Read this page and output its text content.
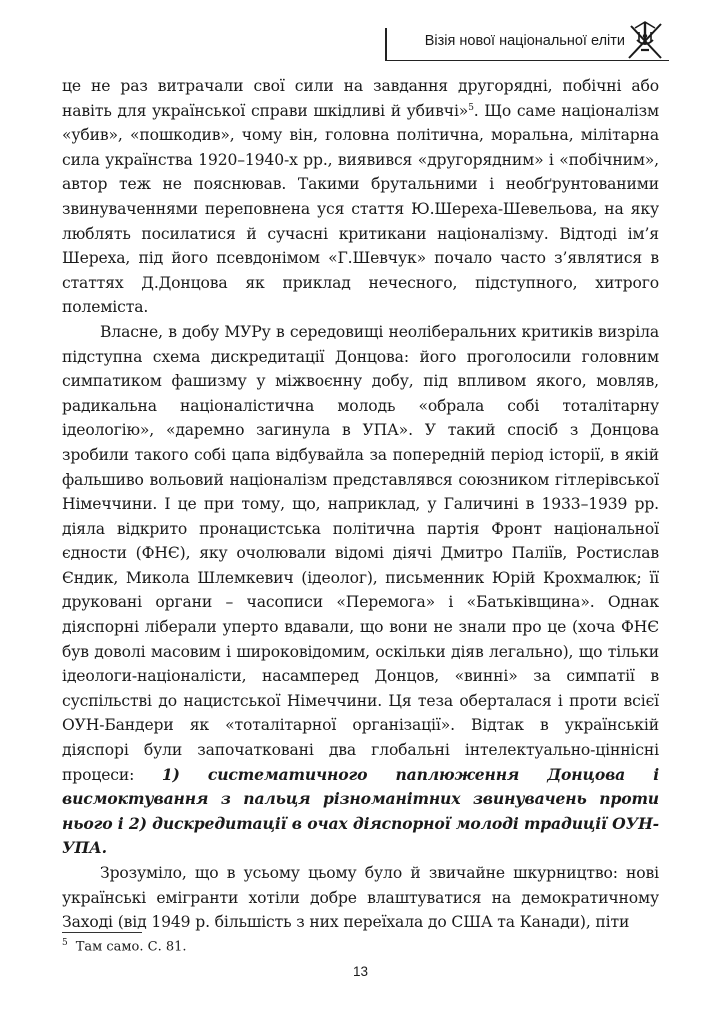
Візія нової національної еліти

це не раз витрачали свої сили на завдання другорядні, побічні або навіть для української справи шкідливі й убивчі»$^5$. Що саме націоналізм «убив», «пошкодив», чому він, головна політична, моральна, мілітарна сила українства 1920–1940-х рр., виявився «другорядним» і «побічним», автор теж не пояснював. Такими брутальними і необґрунтованими звинуваченнями переповнена уся стаття Ю.Шереха-Шевельова, на яку люблять посилатися й сучасні критикани націоналізму. Відтоді ім’я Шереха, під його псевдонімом «Г.Шевчук» почало часто з’являтися в статтях Д.Донцова як приклад нечесного, підступного, хитрого полеміста.

Власне, в добу МУРу в середовищі неоліберальних критиків визріла підступна схема дискредитації Донцова: його проголосили головним симпатиком фашизму у міжвоєнну добу, під впливом якого, мовляв, радикальна націоналістична молодь «обрала собі тоталітарну ідеологію», «даремно загинула в УПА». У такий спосіб з Донцова зробили такого собі цапа відбувайла за попередній період історії, в якій фальшиво вольовий націоналізм представлявся союзником гітлерівської Німеччини. І це при тому, що, наприклад, у Галичині в 1933–1939 рр. діяла відкрито пронацистська політична партія Фронт національної єдности (ФНЄ), яку очолювали відомі діячі Дмитро Паліїв, Ростислав Єндик, Микола Шлемкевич (ідеолог), письменник Юрій Крохмалюк; її друковані органи – часописи «Перемога» і «Батьківщина». Однак діяспорні ліберали уперто вдавали, що вони не знали про це (хоча ФНЄ був доволі масовим і широковідомим, оскільки діяв легально), що тільки ідеологи-націоналісти, насамперед Донцов, «винні» за симпатії в суспільстві до нацистської Німеччини. Ця теза оберталася і проти всієї ОУН-Бандери як «тоталітарної організації». Відтак в українській діяспорі були започатковані два глобальні інтелектуально-ціннісні процеси: 1) систематичного паплюження Донцова і висмоктування з пальця різноманітних звинувачень проти нього і 2) дискредитації в очах діяспорної молоді традиції ОУН-УПА.

Зрозуміло, що в усьому цьому було й звичайне шкурництво: нові українські емігранти хотіли добре влаштуватися на демократичному Заході (від 1949 р. більшість з них переїхала до США та Канади), піти

$^5$ Там само. С. 81.
13
